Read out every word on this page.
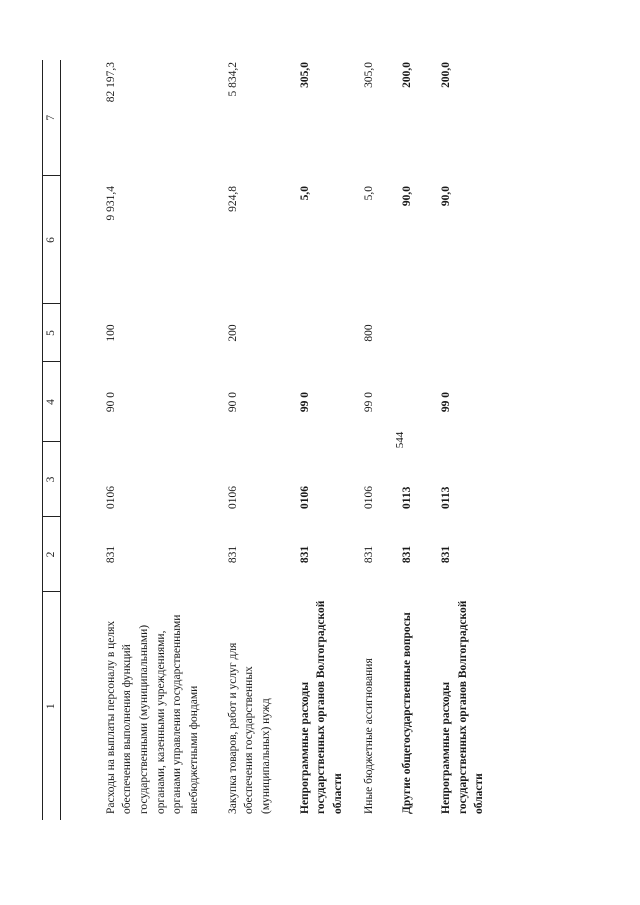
544
1	2	3	4	5	6	7
Расходы на выплаты персоналу в целях обеспечения выполнения функций государственными (муниципальными) органами, казенными учреждениями, органами управления государственными внебюджетными фондами	831	0106	90 0	100	9 931,4	82 197,3
Закупка товаров, работ и услуг для обеспечения государственных (муниципальных) нужд	831	0106	90 0	200	924,8	5 834,2
Непрограммные расходы государственных органов Волгоградской области	831	0106	99 0		5,0	305,0
Иные бюджетные ассигнования	831	0106	99 0	800	5,0	305,0
Другие общегосударственные вопросы	831	0113			90,0	200,0
Непрограммные расходы государственных органов Волгоградской области	831	0113	99 0		90,0	200,0
